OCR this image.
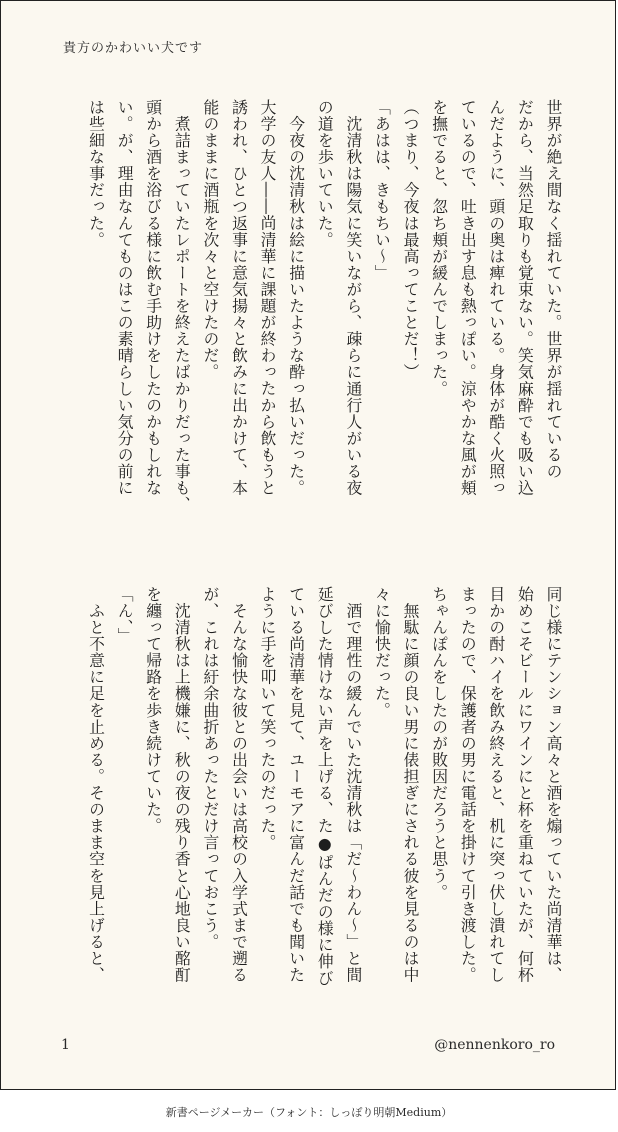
貴方のかわいい犬です

世界が絶え間なく揺れていた。世界が揺れているの

だから、当然足取りも覚束ない。笑気麻酔でも吸い込

んだように、頭の奥は痺れている。身体が酷く火照っ

ているので、吐き出す息も熱っぽい。涼やかな風が頬

を撫でると、忽ち頬が緩んでしまった。

（つまり、今夜は最高ってことだ！）

「あはは、きもちい〜」

　沈清秋は陽気に笑いながら、疎らに通行人がいる夜

の道を歩いていた。

　今夜の沈清秋は絵に描いたような酔っ払いだった。

大学の友人――尚清華に課題が終わったから飲もうと

誘われ、ひとつ返事に意気揚々と飲みに出かけて、本

能のままに酒瓶を次々と空けたのだ。

　煮詰まっていたレポートを終えたばかりだった事も、

頭から酒を浴びる様に飲む手助けをしたのかもしれな

い。が、理由なんてものはこの素晴らしい気分の前に

は些細な事だった。

同じ様にテンション高々と酒を煽っていた尚清華は、

始めこそビールにワインにと杯を重ねていたが、何杯

目かの酎ハイを飲み終えると、机に突っ伏し潰れてし

まったので、保護者の男に電話を掛けて引き渡した。

ちゃんぽんをしたのが敗因だろうと思う。

　無駄に顔の良い男に俵担ぎにされる彼を見るのは中

々に愉快だった。

　酒で理性の緩んでいた沈清秋は「だ〜わん〜」と間

延びした情けない声を上げる、た●ぱんだの様に伸び

ている尚清華を見て、ユーモアに富んだ話でも聞いた

ように手を叩いて笑ったのだった。

　そんな愉快な彼との出会いは高校の入学式まで遡る

が、これは紆余曲折あったとだけ言っておこう。

　沈清秋は上機嫌に、秋の夜の残り香と心地良い酩酊

を纏って帰路を歩き続けていた。

「ん、」

　ふと不意に足を止める。そのまま空を見上げると、

1	@nennenkoro_ro
新書ページメーカー（フォント：しっぽり明朝Medium）
